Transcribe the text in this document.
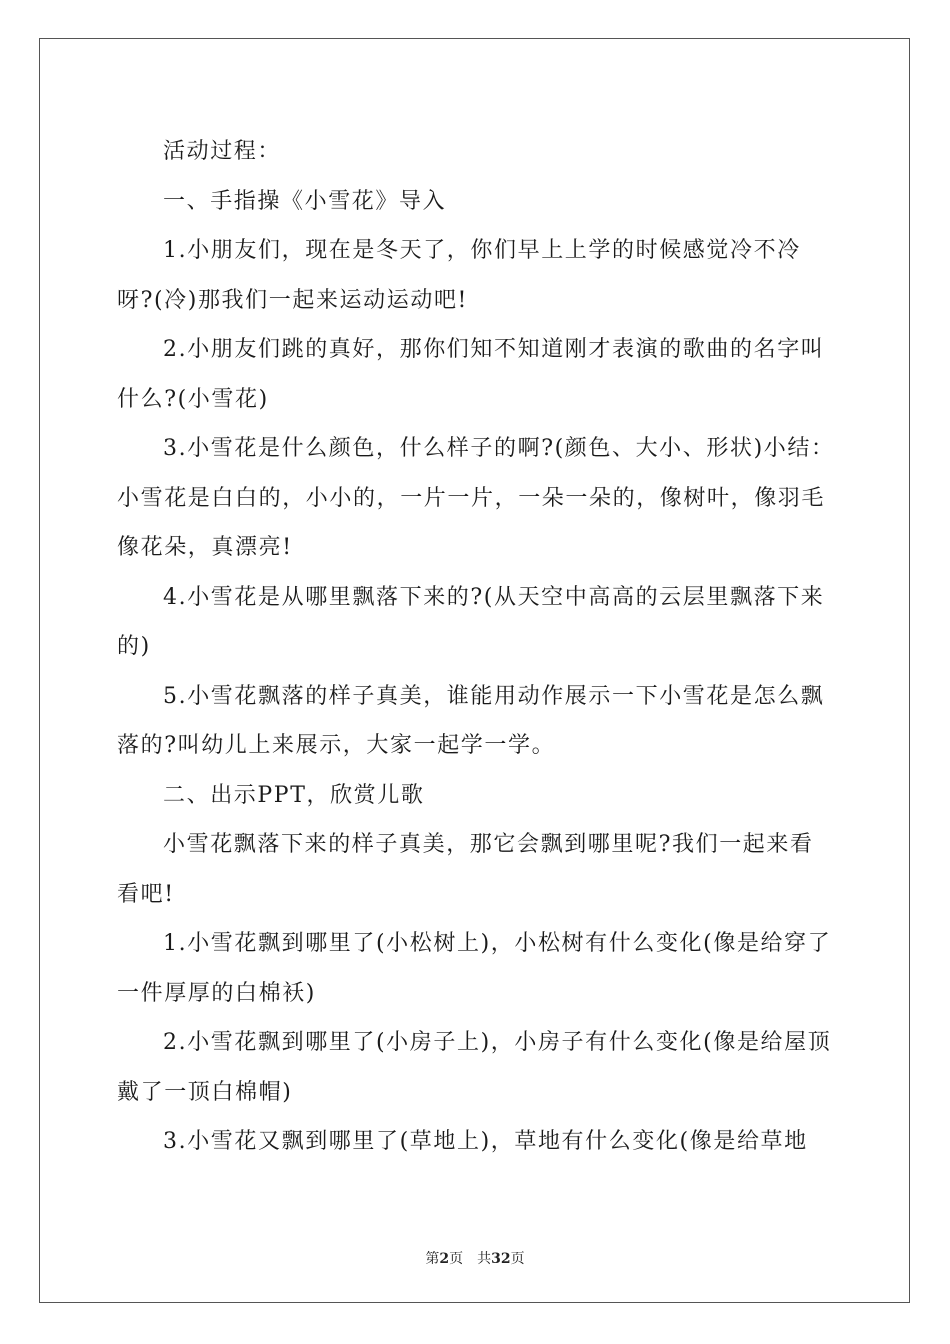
活动过程：

一、手指操《小雪花》导入

1.小朋友们，现在是冬天了，你们早上上学的时候感觉冷不冷呀?(冷)那我们一起来运动运动吧!

2.小朋友们跳的真好，那你们知不知道刚才表演的歌曲的名字叫什么?(小雪花)

3.小雪花是什么颜色，什么样子的啊?(颜色、大小、形状)小结：小雪花是白白的，小小的，一片一片，一朵一朵的，像树叶，像羽毛像花朵，真漂亮!

4.小雪花是从哪里飘落下来的?(从天空中高高的云层里飘落下来的)

5.小雪花飘落的样子真美，谁能用动作展示一下小雪花是怎么飘落的?叫幼儿上来展示，大家一起学一学。

二、出示PPT，欣赏儿歌

小雪花飘落下来的样子真美，那它会飘到哪里呢?我们一起来看看吧!

1.小雪花飘到哪里了(小松树上)，小松树有什么变化(像是给穿了一件厚厚的白棉袄)

2.小雪花飘到哪里了(小房子上)，小房子有什么变化(像是给屋顶戴了一顶白棉帽)

3.小雪花又飘到哪里了(草地上)，草地有什么变化(像是给草地

第2页 共32页
